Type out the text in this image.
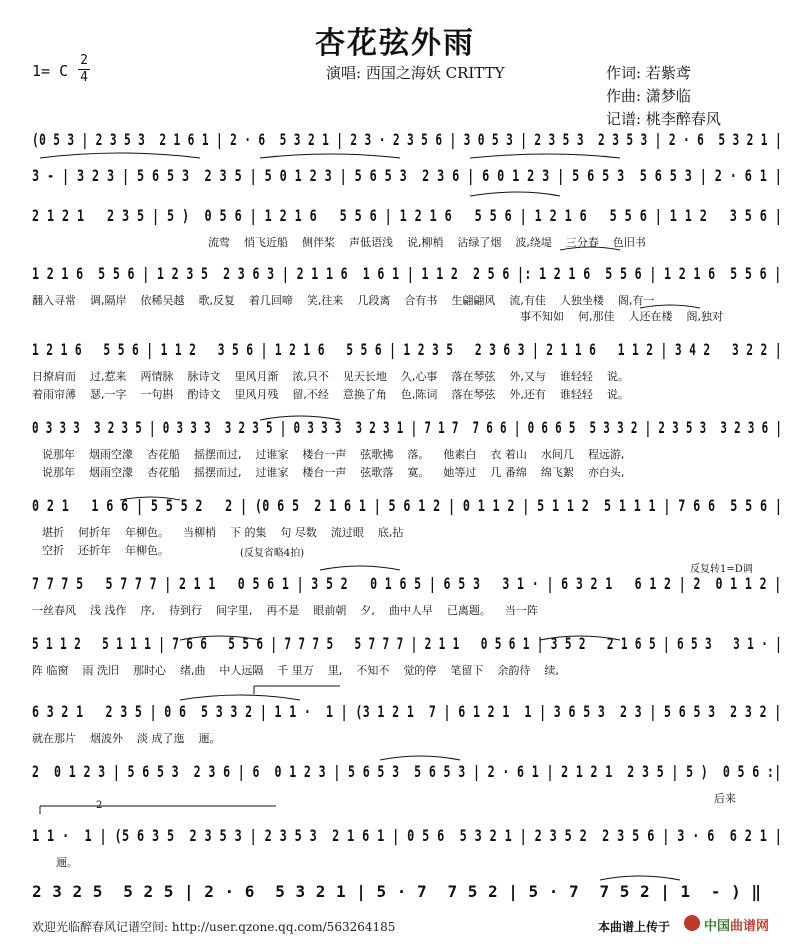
杏花弦外雨
1= C
2
4	演唱: 西国之海妖 CRITTY	作词: 若紫鸢
作曲: 潇梦临
记谱: 桃李醉春风
(0 5 3 | 2 3 5 3  2 1 6 1 | 2 · 6  5 3 2 1 | 2 3 · 2 3 5 6 | 3 0 5 3 | 2 3 5 3  2 3 5 3 | 2 · 6  5 3 2 1 |
3 - | 3 2 3 | 5 6 5 3  2 3 5 | 5 0 1 2 3 | 5 6 5 3  2 3 6 | 6 0 1 2 3 | 5 6 5 3  5 6 5 3 | 2 · 6 1 |
2 1 2 1   2 3 5 | 5 )  0 5 6 | 1 2 1 6   5 5 6 | 1 2 1 6   5 5 6 | 1 2 1 6   5 5 6 | 1 1 2   3 5 6 |
流莺    悄飞近船    侧伴桨    声低语浅    说,柳梢    沾绿了烟    波,绕堤    三分春    色旧书
1 2 1 6  5 5 6 | 1 2 3 5  2 3 6 3 | 2 1 1 6  1 6 1 | 1 1 2  2 5 6 |: 1 2 1 6  5 5 6 | 1 2 1 6  5 5 6 |
翻入寻常    调,隔岸    依稀吴越    歌,反复    着几回啼    笑,往来    几段离    合有书    生翩翩风    流,有佳    人独坐楼    阁,有一
事不知如    何,那佳    人还在楼    阁,独对
1 2 1 6   5 5 6 | 1 1 2   3 5 6 | 1 2 1 6   5 5 6 | 1 2 3 5   2 3 6 3 | 2 1 1 6   1 1 2 | 3 4 2   3 2 2 |
日撩肩而    过,惹来    两情脉    脉诗文    里风月渐    浓,只不    见天长地    久,心事    落在琴弦    外,又与    谁轻轻    说。
着雨帘薄    瑟,一字    一句斟    酌诗文    里风月残    留,不经    意换了角    色,陈词    落在琴弦    外,还有    谁轻轻    说。
0 3 3 3  3 2 3 5 | 0 3 3 3  3 2 3 5 | 0 3 3 3  3 2 3 1 | 7 1 7  7 6 6 | 0 6 6 5  5 3 3 2 | 2 3 5 3  3 2 3 6 |
说那年    烟雨空濛    杏花船    摇摆而过,    过谁家    楼台一声    弦歌拂    落。    他素白    衣 着山    水间几    程远游,
说那年    烟雨空濛    杏花船    摇摆而过,    过谁家    楼台一声    弦歌落    寞。    她等过    几 番绵    绵飞絮    亦白头,
0 2 1   1 6 6 | 5 5 5 2   2 | (0 6 5  2 1 6 1 | 5 6 1 2 | 0 1 1 2 | 5 1 1 2  5 1 1 1 | 7 6 6  5 5 6 |
堪折    何折年    年柳色。    当柳梢    下 的集    句 尽数    流过眼    底,拈
空折    还折年    年柳色。	(反复省略4拍)
反复转1=D调
7 7 7 5   5 7 7 7 | 2 1 1   0 5 6 1 | 3 5 2   0 1 6 5 | 6 5 3   3 1 · | 6 3 2 1   6 1 2 | 2  0 1 1 2 |
一丝春风    浅 浅作    序,    待到行    间字里,    再不是    眼前朝    夕,    曲中人早    已离题。    当一阵
5 1 1 2   5 1 1 1 | 7 6 6   5 5 6 | 7 7 7 5   5 7 7 7 | 2 1 1   0 5 6 1 | 3 5 2   2 1 6 5 | 6 5 3   3 1 · |
阵 临窗    雨 洗旧    那时心    绪,曲    中人远隔    千 里万    里,    不知不    觉的停    笔留下    余韵待    续,
6 3 2 1   2 3 5 | 0 6  5 3 3 2 | 1 1 ·  1 | (3 1 2 1  7 | 6 1 2 1  1 | 3 6 5 3  2 3 | 5 6 5 3  2 3 2 |
就在那片    烟波外    淡 成了迤    逦。
2  0 1 2 3 | 5 6 5 3  2 3 6 | 6  0 1 2 3 | 5 6 5 3  5 6 5 3 | 2 · 6 1 | 2 1 2 1  2 3 5 | 5 )  0 5 6 :|
后来
2
1 1 ·  1 | (5 6 3 5  2 3 5 3 | 2 3 5 3  2 1 6 1 | 0 5 6  5 3 2 1 | 2 3 5 2  2 3 5 6 | 3 · 6  6 2 1 |
逦。
2 3 2 5  5 2 5 | 2 · 6  5 3 2 1 | 5 · 7  7 5 2 | 5 · 7  7 5 2 | 1  - ) ‖
欢迎光临醉春风记谱空间: http://user.qzone.qq.com/563264185	本曲谱上传于	中国曲谱网
